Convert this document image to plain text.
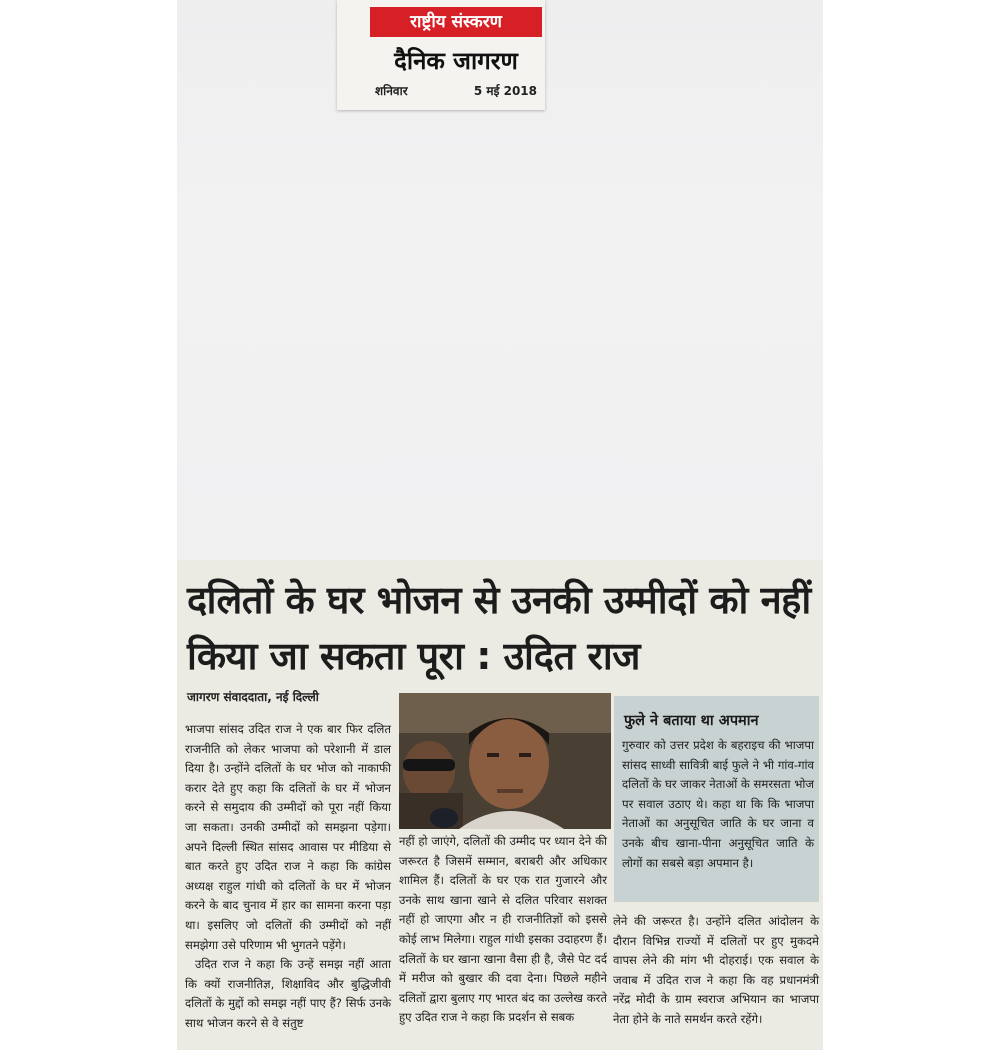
राष्ट्रीय संस्करण
दैनिक जागरण
शनिवार	5 मई 2018
दलितों के घर भोजन से उनकी उम्मीदों को नहीं किया जा सकता पूरा : उदित राज
जागरण संवाददाता, नई दिल्ली

भाजपा सांसद उदित राज ने एक बार फिर दलित राजनीति को लेकर भाजपा को परेशानी में डाल दिया है। उन्होंने दलितों के घर भोज को नाकाफी करार देते हुए कहा कि दलितों के घर में भोजन करने से समुदाय की उम्मीदों को पूरा नहीं किया जा सकता। उनकी उम्मीदों को समझना पड़ेगा। अपने दिल्ली स्थित सांसद आवास पर मीडिया से बात करते हुए उदित राज ने कहा कि कांग्रेस अध्यक्ष राहुल गांधी को दलितों के घर में भोजन करने के बाद चुनाव में हार का सामना करना पड़ा था। इसलिए जो दलितों की उम्मीदों को नहीं समझेगा उसे परिणाम भी भुगतने पड़ेंगे।

उदित राज ने कहा कि उन्हें समझ नहीं आता कि क्यों राजनीतिज्ञ, शिक्षाविद और बुद्धिजीवी दलितों के मुद्दों को समझ नहीं पाए हैं? सिर्फ उनके साथ भोजन करने से वे संतुष्ट

फुले ने बताया था अपमान
गुरुवार को उत्तर प्रदेश के बहराइच की भाजपा सांसद साध्वी सावित्री बाई फुले ने भी गांव-गांव दलितों के घर जाकर नेताओं के समरसता भोज पर सवाल उठाए थे। कहा था कि कि भाजपा नेताओं का अनुसूचित जाति के घर जाना व उनके बीच खाना-पीना अनुसूचित जाति के लोगों का सबसे बड़ा अपमान है।

नहीं हो जाएंगे, दलितों की उम्मीद पर ध्यान देने की जरूरत है जिसमें सम्मान, बराबरी और अधिकार शामिल हैं। दलितों के घर एक रात गुजारने और उनके साथ खाना खाने से दलित परिवार सशक्त नहीं हो जाएगा और न ही राजनीतिज्ञों को इससे कोई लाभ मिलेगा। राहुल गांधी इसका उदाहरण हैं। दलितों के घर खाना खाना वैसा ही है, जैसे पेट दर्द में मरीज को बुखार की दवा देना। पिछले महीने दलितों द्वारा बुलाए गए भारत बंद का उल्लेख करते हुए उदित राज ने कहा कि प्रदर्शन से सबक

लेने की जरूरत है। उन्होंने दलित आंदोलन के दौरान विभिन्न राज्यों में दलितों पर हुए मुकदमे वापस लेने की मांग भी दोहराई। एक सवाल के जवाब में उदित राज ने कहा कि वह प्रधानमंत्री नरेंद्र मोदी के ग्राम स्वराज अभियान का भाजपा नेता होने के नाते समर्थन करते रहेंगे।
